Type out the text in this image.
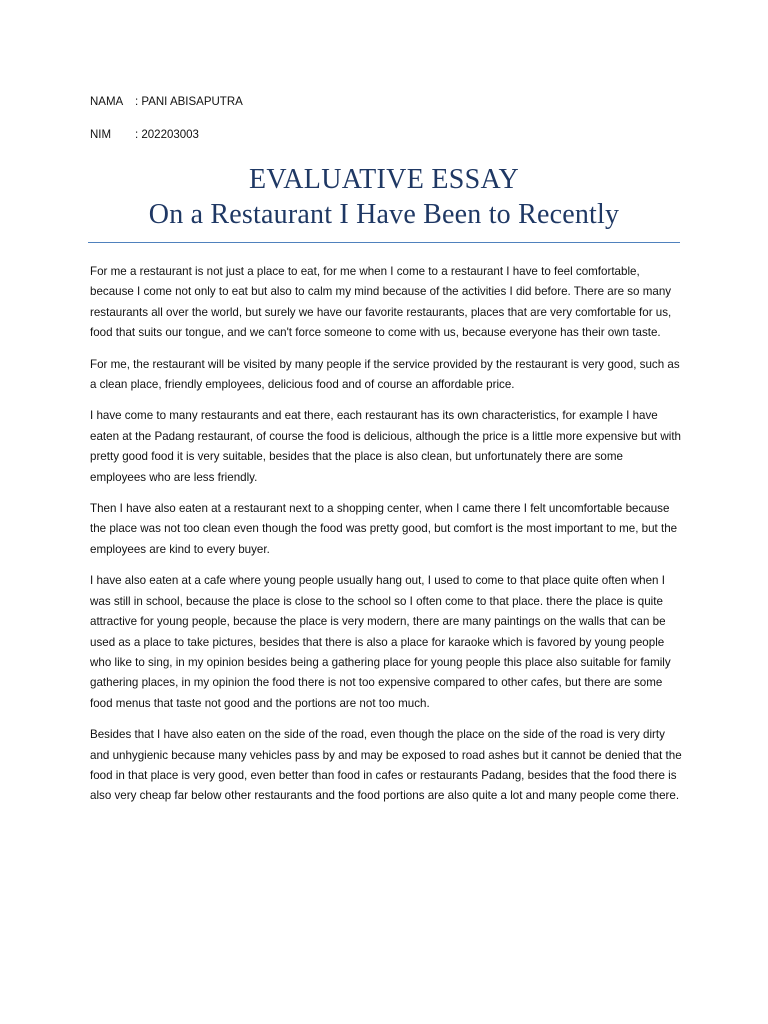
NAMA : PANI ABISAPUTRA
NIM : 202203003
EVALUATIVE ESSAY
On a Restaurant I Have Been to Recently

For me a restaurant is not just a place to eat, for me when I come to a restaurant I have to feel comfortable, because I come not only to eat but also to calm my mind because of the activities I did before. There are so many restaurants all over the world, but surely we have our favorite restaurants, places that are very comfortable for us, food that suits our tongue, and we can't force someone to come with us, because everyone has their own taste.

For me, the restaurant will be visited by many people if the service provided by the restaurant is very good, such as a clean place, friendly employees, delicious food and of course an affordable price.

I have come to many restaurants and eat there, each restaurant has its own characteristics, for example I have eaten at the Padang restaurant, of course the food is delicious, although the price is a little more expensive but with pretty good food it is very suitable, besides that the place is also clean, but unfortunately there are some employees who are less friendly.

Then I have also eaten at a restaurant next to a shopping center, when I came there I felt uncomfortable because the place was not too clean even though the food was pretty good, but comfort is the most important to me, but the employees are kind to every buyer.

I have also eaten at a cafe where young people usually hang out, I used to come to that place quite often when I was still in school, because the place is close to the school so I often come to that place. there the place is quite attractive for young people, because the place is very modern, there are many paintings on the walls that can be used as a place to take pictures, besides that there is also a place for karaoke which is favored by young people who like to sing, in my opinion besides being a gathering place for young people this place also suitable for family gathering places, in my opinion the food there is not too expensive compared to other cafes, but there are some food menus that taste not good and the portions are not too much.

Besides that I have also eaten on the side of the road, even though the place on the side of the road is very dirty and unhygienic because many vehicles pass by and may be exposed to road ashes but it cannot be denied that the food in that place is very good, even better than food in cafes or restaurants Padang, besides that the food there is also very cheap far below other restaurants and the food portions are also quite a lot and many people come there.
